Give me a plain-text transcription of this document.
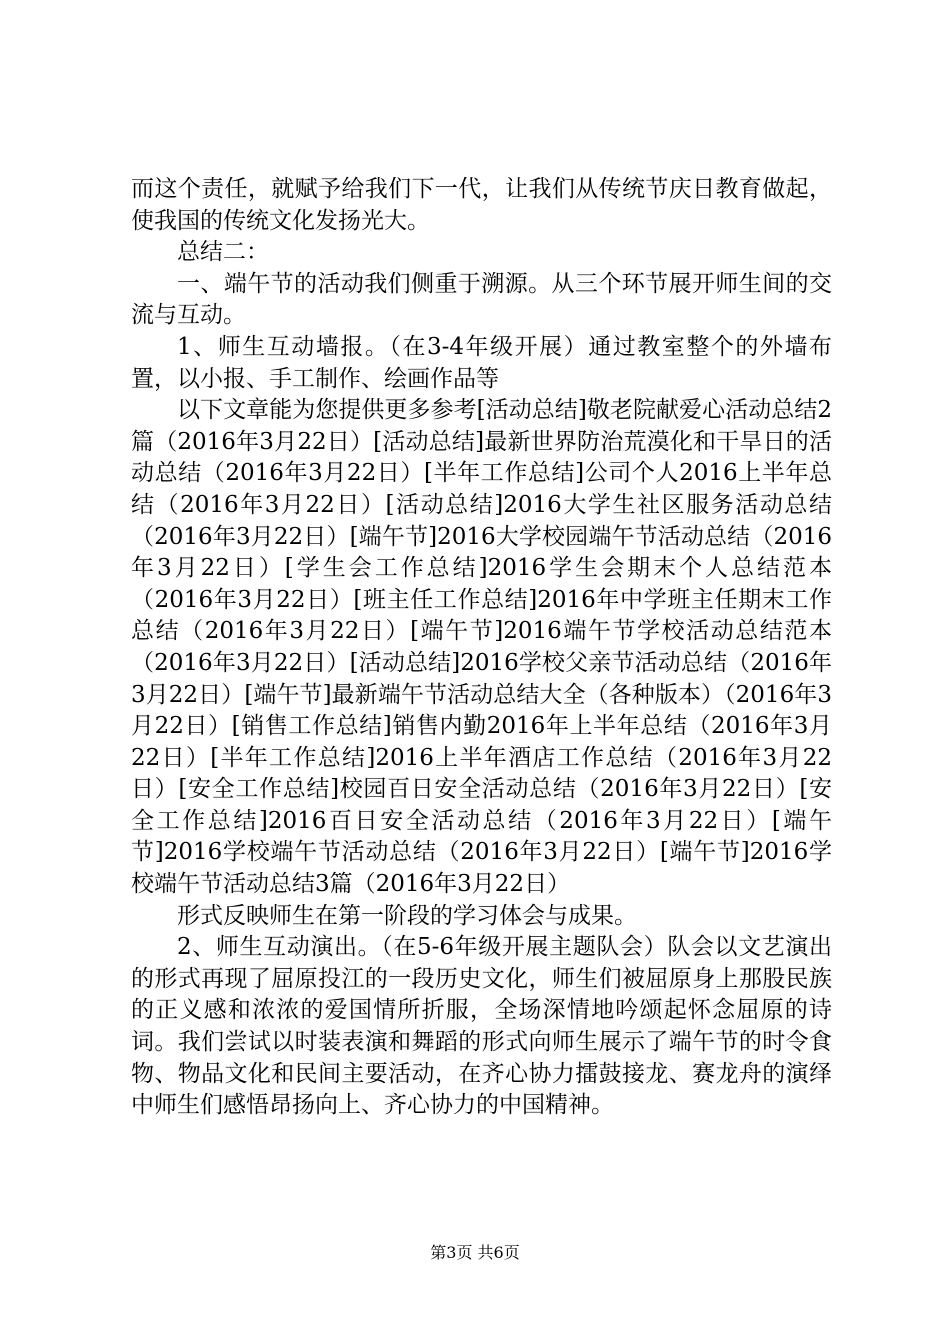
而这个责任，就赋予给我们下一代，让我们从传统节庆日教育做起，使我国的传统文化发扬光大。

总结二：

一、端午节的活动我们侧重于溯源。从三个环节展开师生间的交流与互动。

1、师生互动墙报。（在3-4年级开展）通过教室整个的外墙布置，以小报、手工制作、绘画作品等

以下文章能为您提供更多参考[活动总结]敬老院献爱心活动总结2篇（2016年3月22日）[活动总结]最新世界防治荒漠化和干旱日的活动总结（2016年3月22日）[半年工作总结]公司个人2016上半年总结（2016年3月22日）[活动总结]2016大学生社区服务活动总结（2016年3月22日）[端午节]2016大学校园端午节活动总结（2016年3月22日）[学生会工作总结]2016学生会期末个人总结范本（2016年3月22日）[班主任工作总结]2016年中学班主任期末工作总结（2016年3月22日）[端午节]2016端午节学校活动总结范本（2016年3月22日）[活动总结]2016学校父亲节活动总结（2016年3月22日）[端午节]最新端午节活动总结大全（各种版本）（2016年3月22日）[销售工作总结]销售内勤2016年上半年总结（2016年3月22日）[半年工作总结]2016上半年酒店工作总结（2016年3月22日）[安全工作总结]校园百日安全活动总结（2016年3月22日）[安全工作总结]2016百日安全活动总结（2016年3月22日）[端午节]2016学校端午节活动总结（2016年3月22日）[端午节]2016学校端午节活动总结3篇（2016年3月22日）

形式反映师生在第一阶段的学习体会与成果。

2、师生互动演出。（在5-6年级开展主题队会）队会以文艺演出的形式再现了屈原投江的一段历史文化，师生们被屈原身上那股民族的正义感和浓浓的爱国情所折服，全场深情地吟颂起怀念屈原的诗词。我们尝试以时装表演和舞蹈的形式向师生展示了端午节的时令食物、物品文化和民间主要活动，在齐心协力擂鼓接龙、赛龙舟的演绎中师生们感悟昂扬向上、齐心协力的中国精神。

第3页 共6页
